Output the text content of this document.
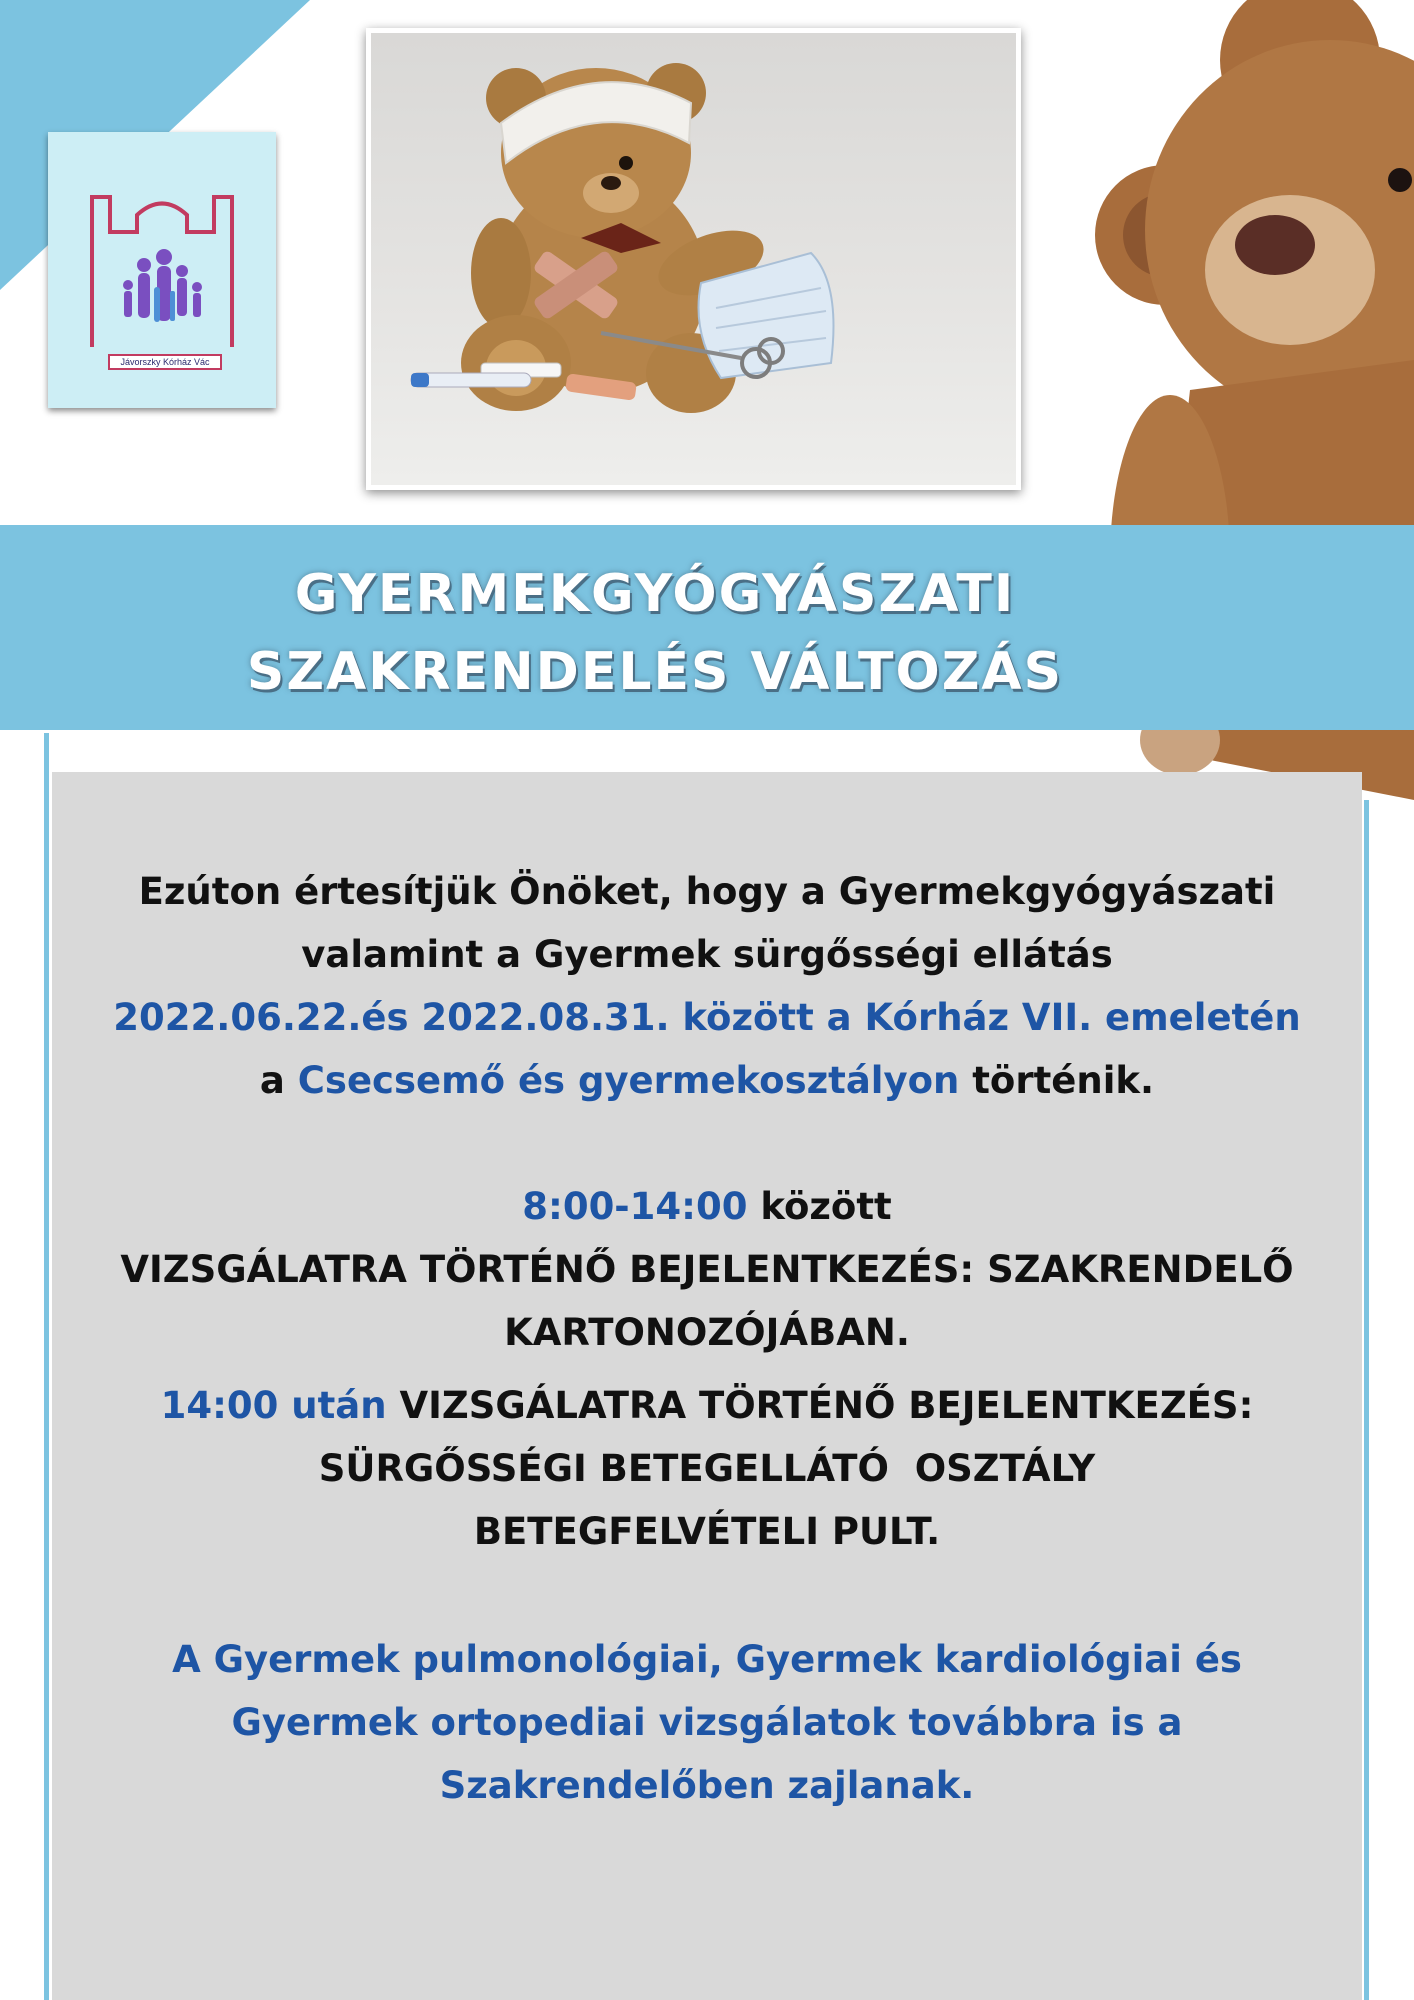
Jávorszky Kórház Vác
GYERMEKGYÓGYÁSZATI
SZAKRENDELÉS VÁLTOZÁS

Ezúton értesítjük Önöket, hogy a Gyermekgyógyászati

valamint a Gyermek sürgősségi ellátás

2022.06.22.és 2022.08.31. között a Kórház VII. emeletén

a Csecsemő és gyermekosztályon történik.

8:00-14:00 között

VIZSGÁLATRA TÖRTÉNŐ BEJELENTKEZÉS: SZAKRENDELŐ

KARTONOZÓJÁBAN.

14:00 után VIZSGÁLATRA TÖRTÉNŐ BEJELENTKEZÉS:

SÜRGŐSSÉGI BETEGELLÁTÓ  OSZTÁLY

BETEGFELVÉTELI PULT.

A Gyermek pulmonológiai, Gyermek kardiológiai és

Gyermek ortopediai vizsgálatok továbbra is a

Szakrendelőben zajlanak.
